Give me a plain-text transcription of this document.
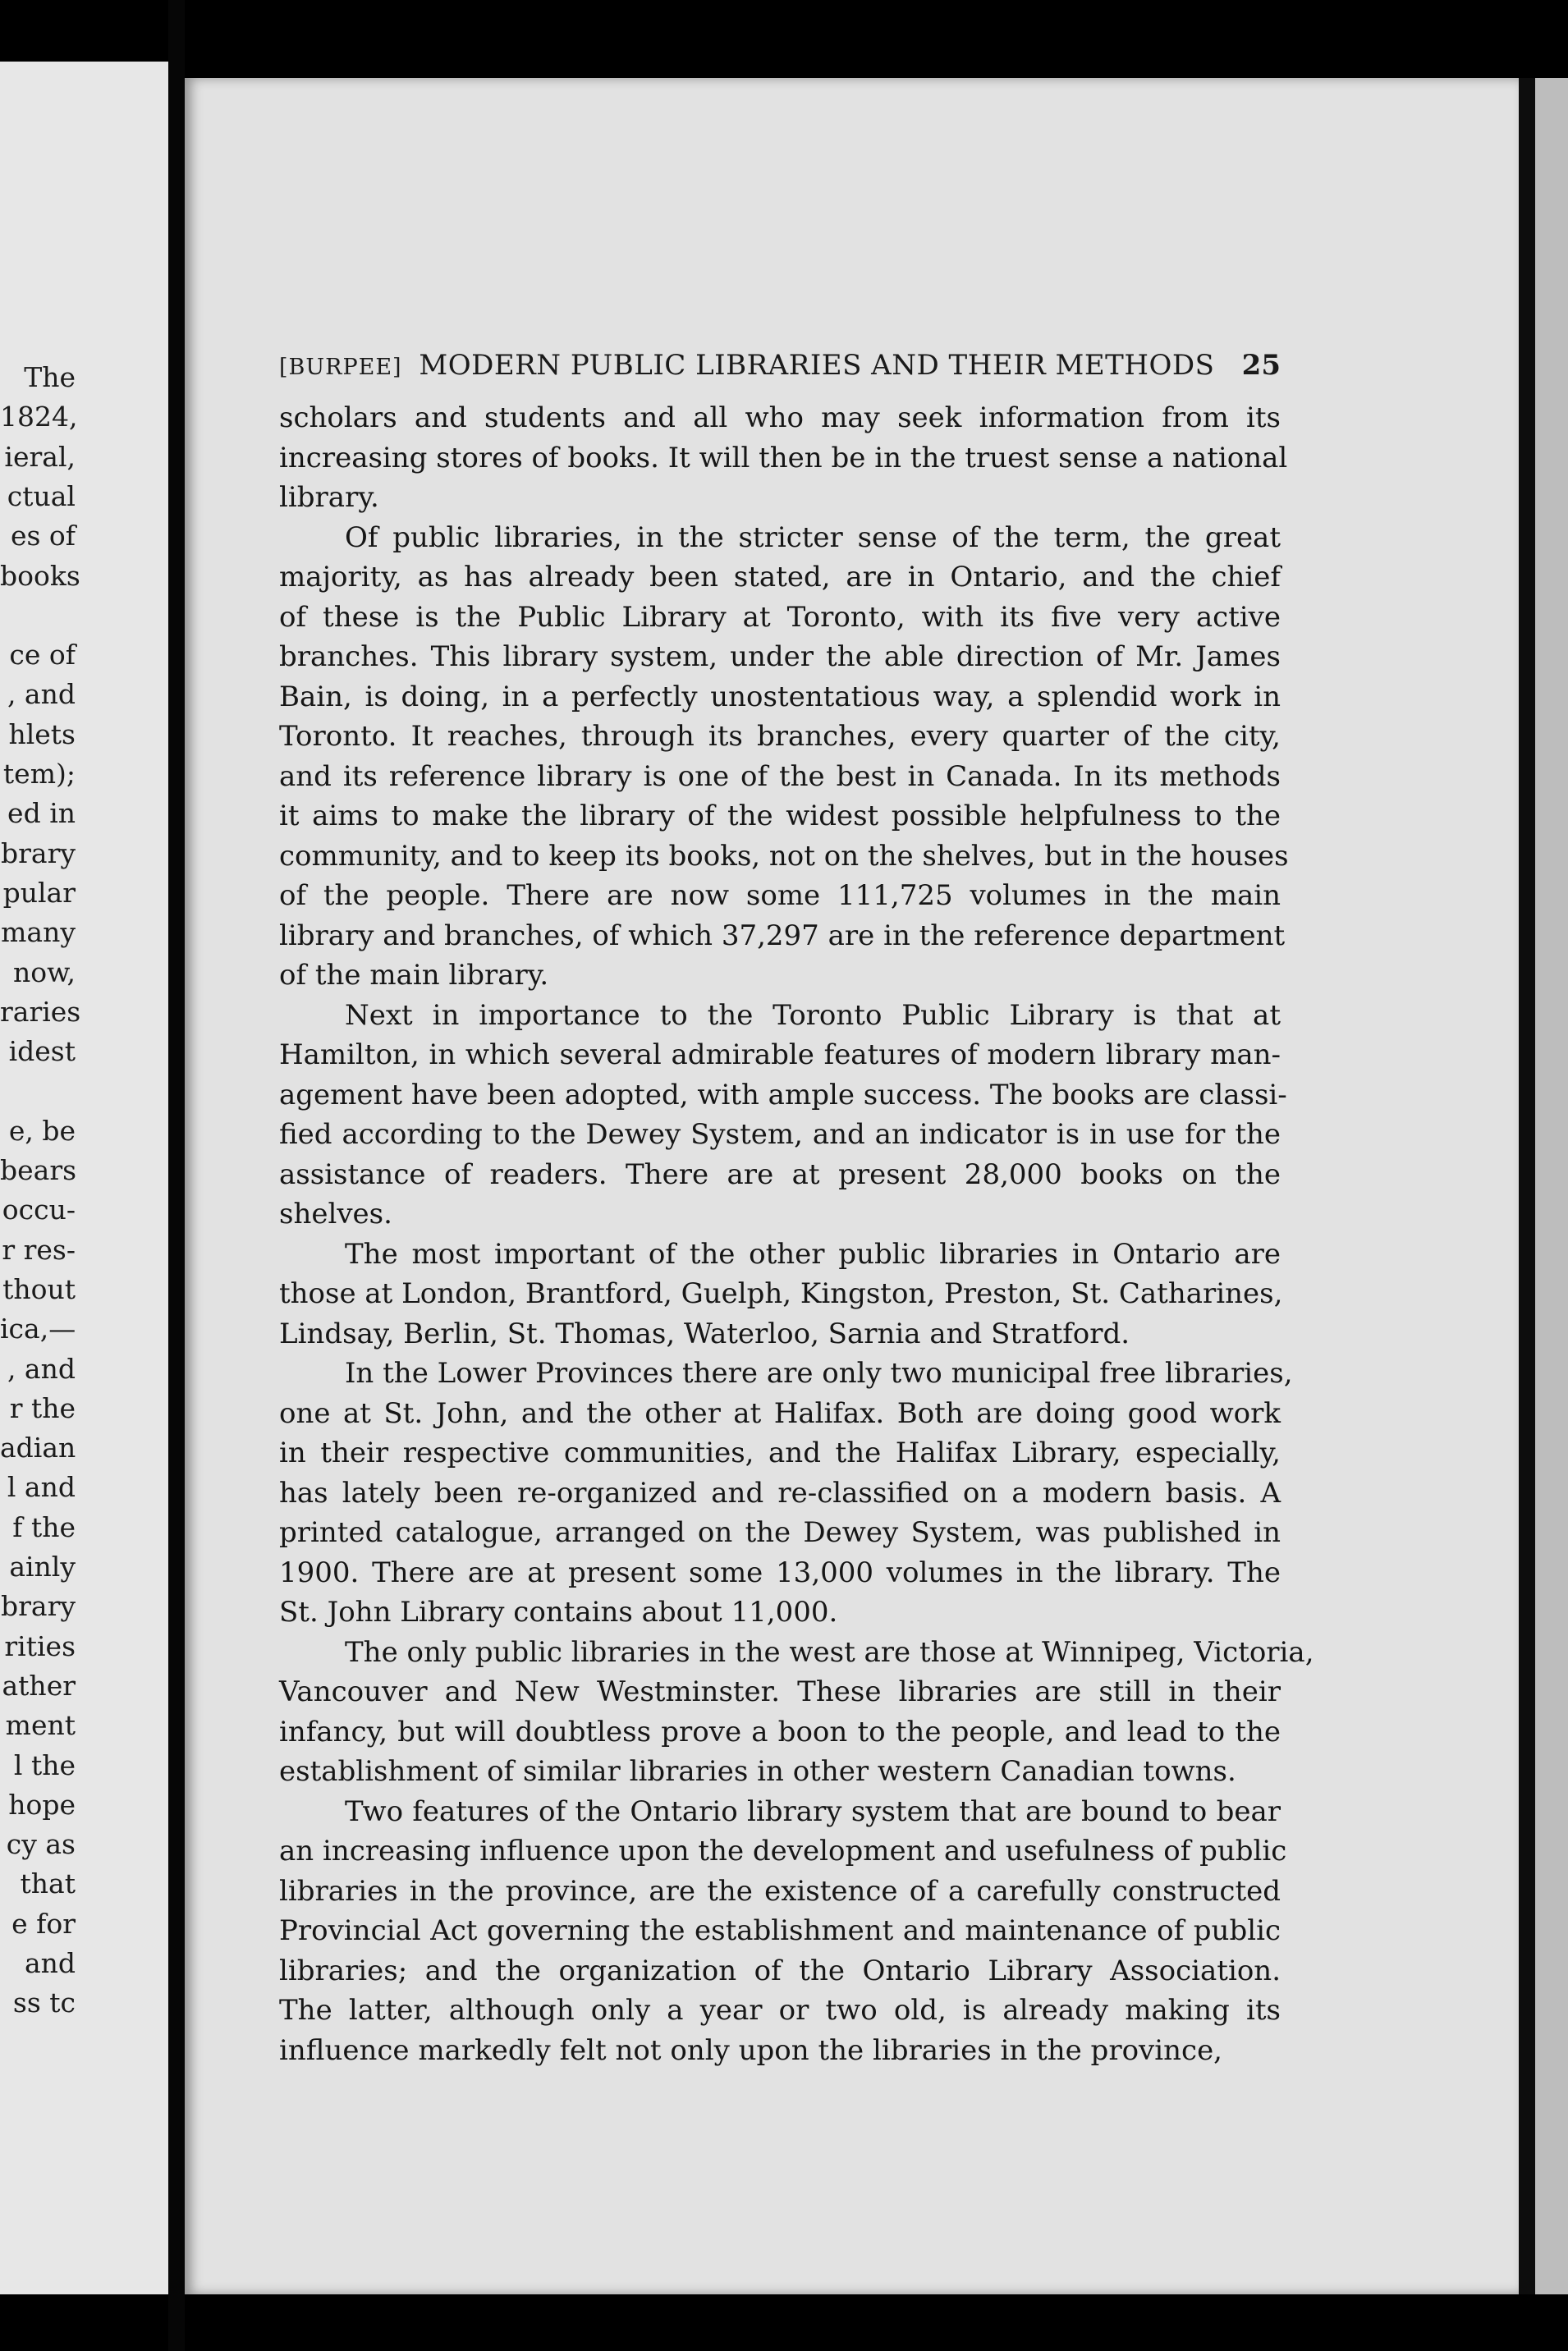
The
1824,
ieral,
ctual
es of
books
ce of
, and
hlets
tem);
ed in
brary
pular
many
now,
raries
idest
e, be
bears
occu-
r res-
thout
ica,—
, and
r the
adian
l and
f the
ainly
brary
rities
ather
ment
l the
hope
cy as
that
e for
and
ss tc
[BURPEE] MODERN PUBLIC LIBRARIES AND THEIR METHODS 25
scholars and students and all who may seek information from its
increasing stores of books. It will then be in the truest sense a national
library.
Of public libraries, in the stricter sense of the term, the great
majority, as has already been stated, are in Ontario, and the chief
of these is the Public Library at Toronto, with its five very active
branches. This library system, under the able direction of Mr. James
Bain, is doing, in a perfectly unostentatious way, a splendid work in
Toronto. It reaches, through its branches, every quarter of the city,
and its reference library is one of the best in Canada. In its methods
it aims to make the library of the widest possible helpfulness to the
community, and to keep its books, not on the shelves, but in the houses
of the people. There are now some 111,725 volumes in the main
library and branches, of which 37,297 are in the reference department
of the main library.
Next in importance to the Toronto Public Library is that at
Hamilton, in which several admirable features of modern library man-
agement have been adopted, with ample success. The books are classi-
fied according to the Dewey System, and an indicator is in use for the
assistance of readers. There are at present 28,000 books on the
shelves.
The most important of the other public libraries in Ontario are
those at London, Brantford, Guelph, Kingston, Preston, St. Catharines,
Lindsay, Berlin, St. Thomas, Waterloo, Sarnia and Stratford.
In the Lower Provinces there are only two municipal free libraries,
one at St. John, and the other at Halifax. Both are doing good work
in their respective communities, and the Halifax Library, especially,
has lately been re-organized and re-classified on a modern basis. A
printed catalogue, arranged on the Dewey System, was published in
1900. There are at present some 13,000 volumes in the library. The
St. John Library contains about 11,000.
The only public libraries in the west are those at Winnipeg, Victoria,
Vancouver and New Westminster. These libraries are still in their
infancy, but will doubtless prove a boon to the people, and lead to the
establishment of similar libraries in other western Canadian towns.
Two features of the Ontario library system that are bound to bear
an increasing influence upon the development and usefulness of public
libraries in the province, are the existence of a carefully constructed
Provincial Act governing the establishment and maintenance of public
libraries; and the organization of the Ontario Library Association.
The latter, although only a year or two old, is already making its
influence markedly felt not only upon the libraries in the province,
